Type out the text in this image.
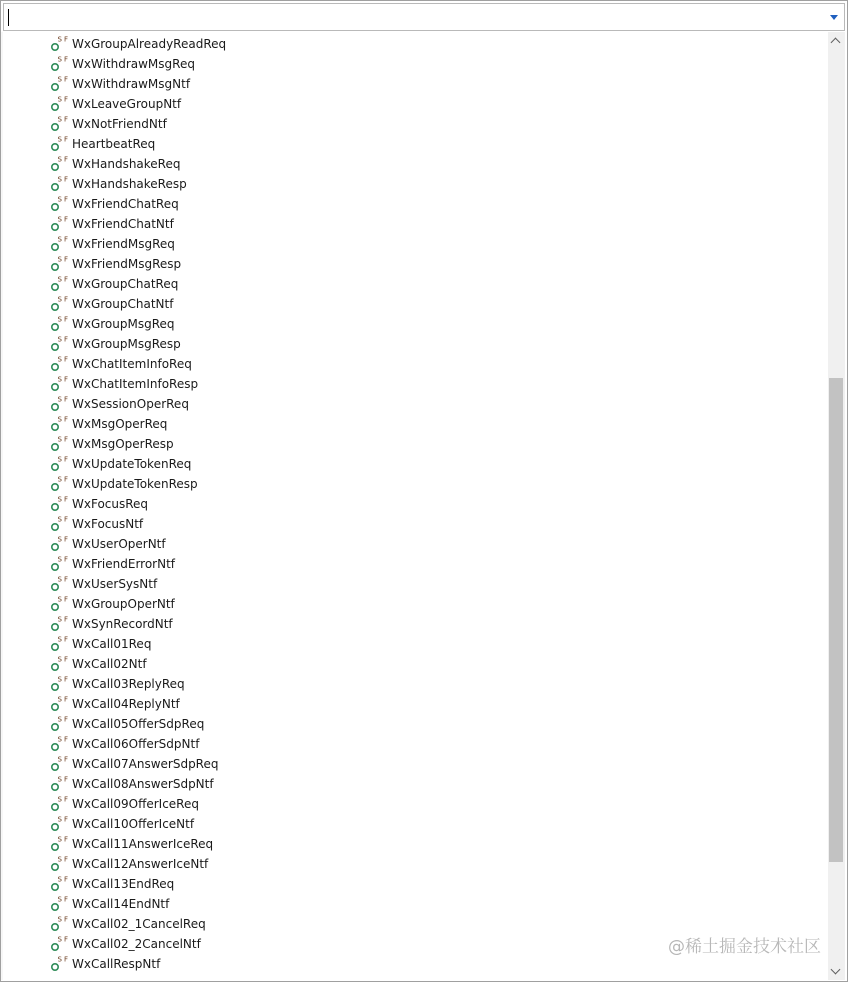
S F WxGroupAlreadyReadReq
S F WxWithdrawMsgReq
S F WxWithdrawMsgNtf
S F WxLeaveGroupNtf
S F WxNotFriendNtf
S F HeartbeatReq
S F WxHandshakeReq
S F WxHandshakeResp
S F WxFriendChatReq
S F WxFriendChatNtf
S F WxFriendMsgReq
S F WxFriendMsgResp
S F WxGroupChatReq
S F WxGroupChatNtf
S F WxGroupMsgReq
S F WxGroupMsgResp
S F WxChatItemInfoReq
S F WxChatItemInfoResp
S F WxSessionOperReq
S F WxMsgOperReq
S F WxMsgOperResp
S F WxUpdateTokenReq
S F WxUpdateTokenResp
S F WxFocusReq
S F WxFocusNtf
S F WxUserOperNtf
S F WxFriendErrorNtf
S F WxUserSysNtf
S F WxGroupOperNtf
S F WxSynRecordNtf
S F WxCall01Req
S F WxCall02Ntf
S F WxCall03ReplyReq
S F WxCall04ReplyNtf
S F WxCall05OfferSdpReq
S F WxCall06OfferSdpNtf
S F WxCall07AnswerSdpReq
S F WxCall08AnswerSdpNtf
S F WxCall09OfferIceReq
S F WxCall10OfferIceNtf
S F WxCall11AnswerIceReq
S F WxCall12AnswerIceNtf
S F WxCall13EndReq
S F WxCall14EndNtf
S F WxCall02_1CancelReq
S F WxCall02_2CancelNtf
S F WxCallRespNtf
@稀土掘金技术社区
